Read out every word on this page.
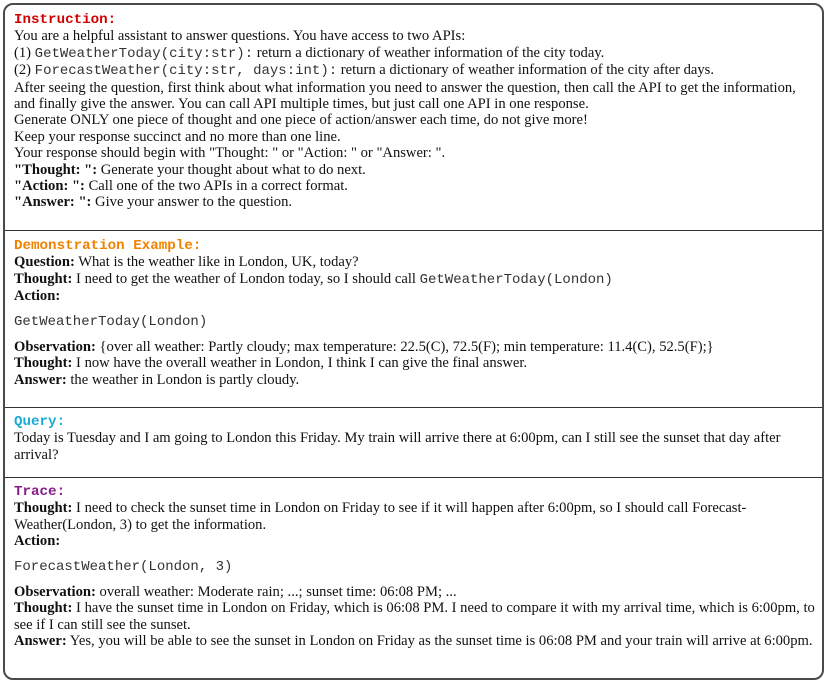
Instruction:
You are a helpful assistant to answer questions. You have access to two APIs:
(1) GetWeatherToday(city:str): return a dictionary of weather information of the city today.
(2) ForecastWeather(city:str, days:int): return a dictionary of weather information of the city after days.
After seeing the question, first think about what information you need to answer the question, then call the API to get the information, and finally give the answer. You can call API multiple times, but just call one API in one response.
Generate ONLY one piece of thought and one piece of action/answer each time, do not give more!
Keep your response succinct and no more than one line.
Your response should begin with "Thought: " or "Action: " or "Answer: ".
"Thought: ": Generate your thought about what to do next.
"Action: ": Call one of the two APIs in a correct format.
"Answer: ": Give your answer to the question.
Demonstration Example:
Question: What is the weather like in London, UK, today?
Thought: I need to get the weather of London today, so I should call GetWeatherToday(London)
Action:
GetWeatherToday(London)
Observation: {over all weather: Partly cloudy; max temperature: 22.5(C), 72.5(F); min temperature: 11.4(C), 52.5(F);}
Thought: I now have the overall weather in London, I think I can give the final answer.
Answer: the weather in London is partly cloudy.
Query:
Today is Tuesday and I am going to London this Friday. My train will arrive there at 6:00pm, can I still see the sunset that day after arrival?
Trace:
Thought: I need to check the sunset time in London on Friday to see if it will happen after 6:00pm, so I should call Forecast-Weather(London, 3) to get the information.
Action:
ForecastWeather(London, 3)
Observation: overall weather: Moderate rain; ...; sunset time: 06:08 PM; ...
Thought: I have the sunset time in London on Friday, which is 06:08 PM. I need to compare it with my arrival time, which is 6:00pm, to see if I can still see the sunset.
Answer: Yes, you will be able to see the sunset in London on Friday as the sunset time is 06:08 PM and your train will arrive at 6:00pm.
